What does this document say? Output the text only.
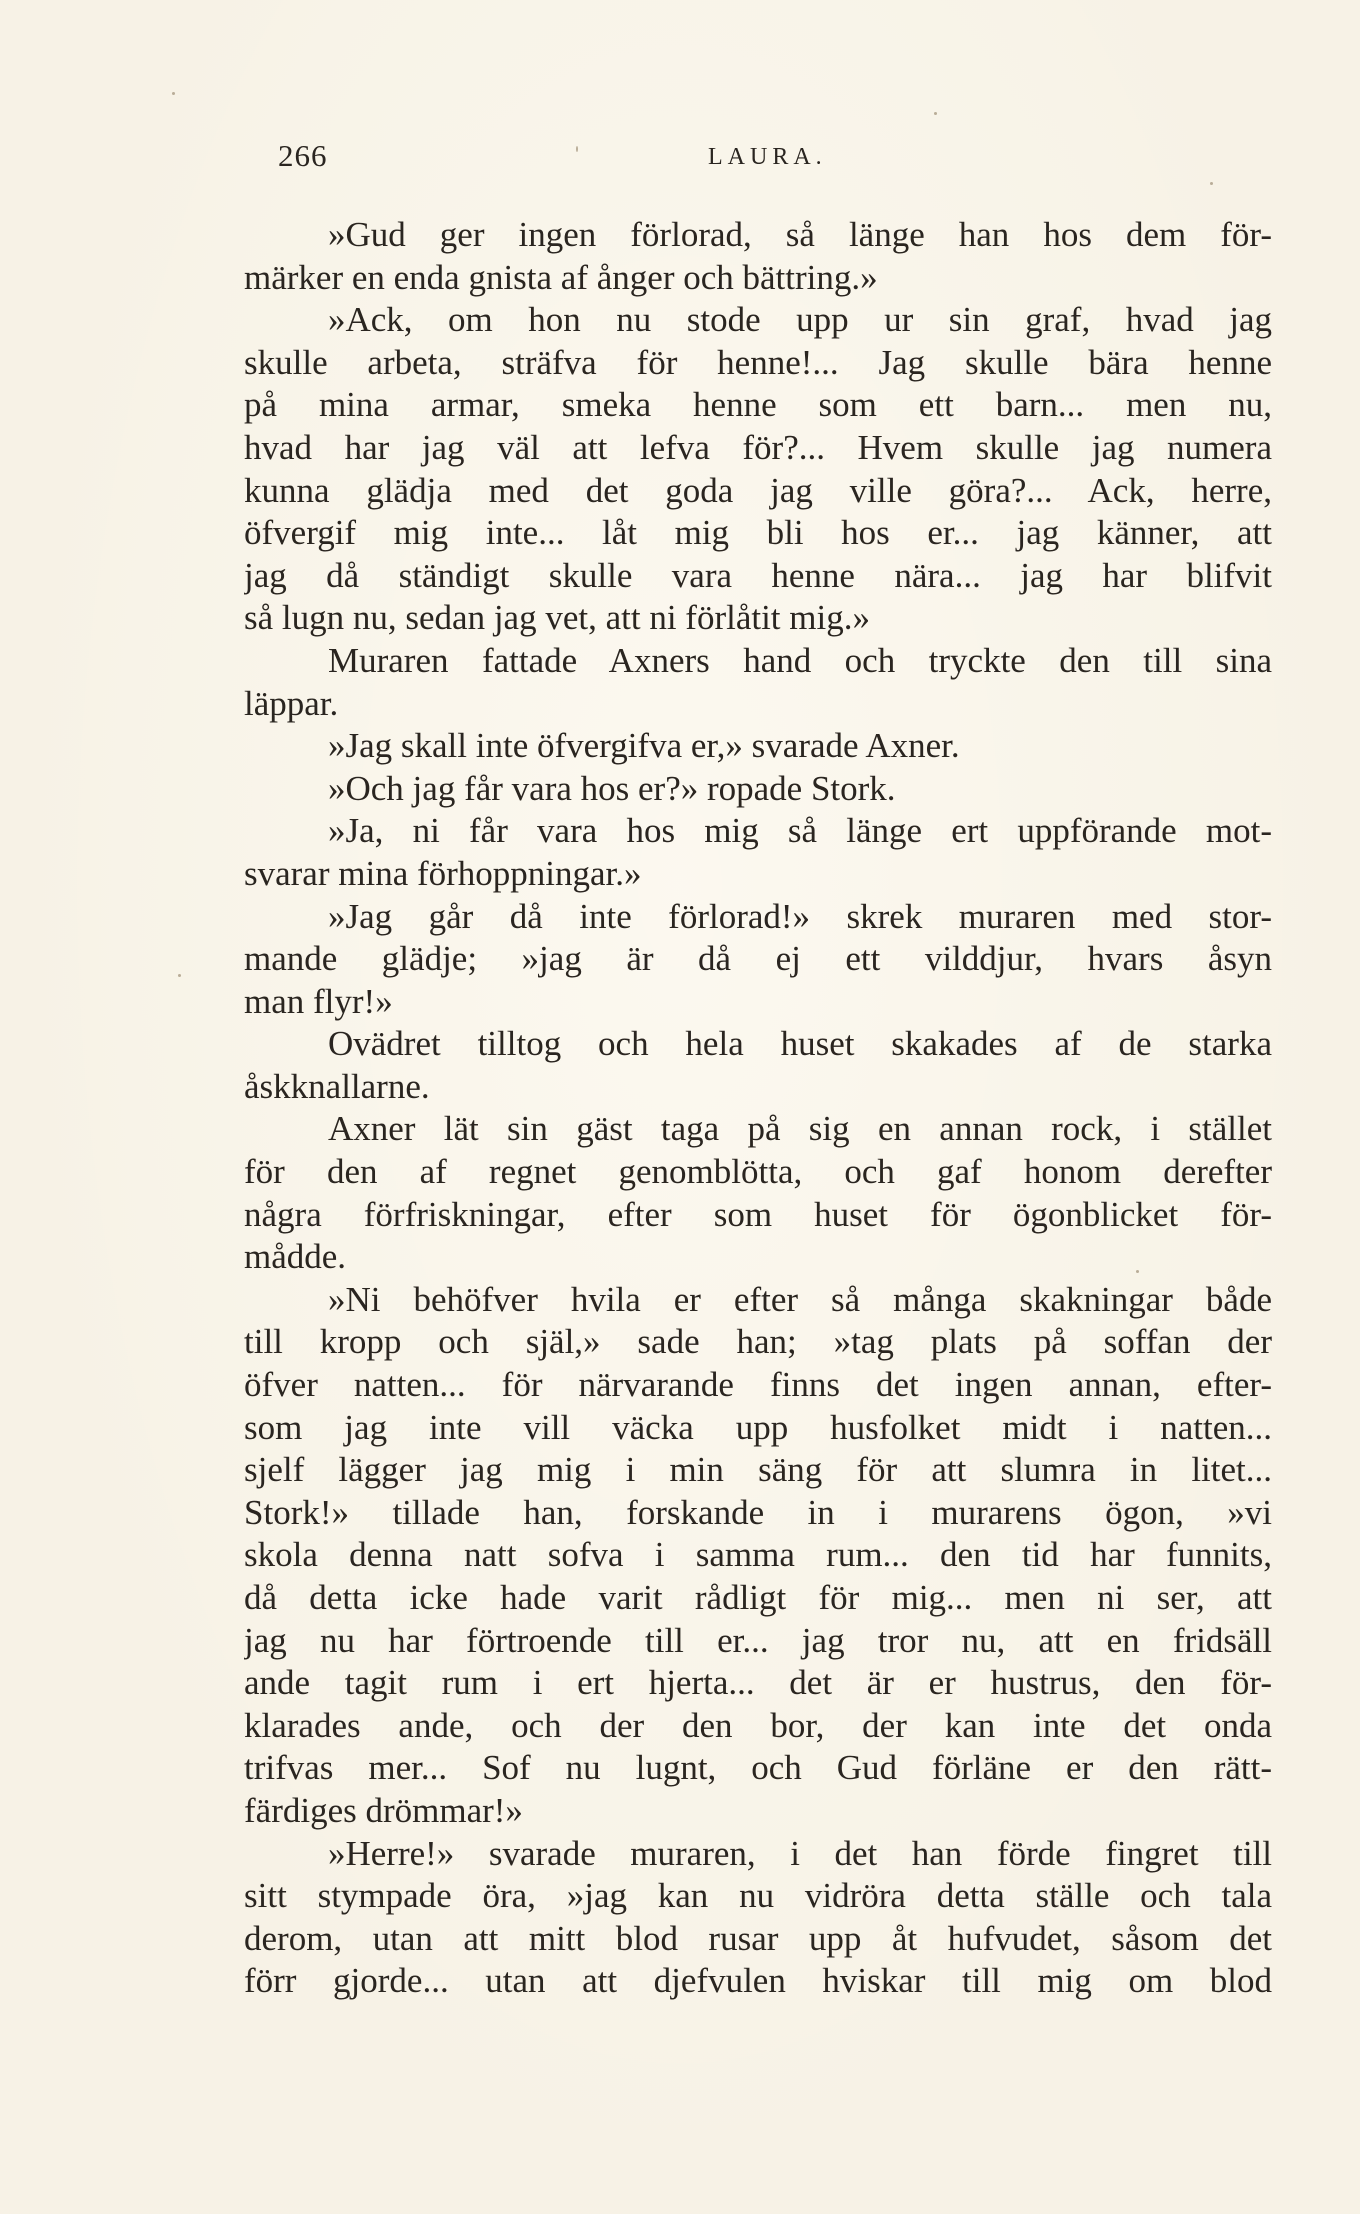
266	LAURA.
»Gud ger ingen förlorad, så länge han hos dem för-
märker en enda gnista af ånger och bättring.»
»Ack, om hon nu stode upp ur sin graf, hvad jag
skulle arbeta, sträfva för henne!... Jag skulle bära henne
på mina armar, smeka henne som ett barn... men nu,
hvad har jag väl att lefva för?... Hvem skulle jag numera
kunna glädja med det goda jag ville göra?... Ack, herre,
öfvergif mig inte... låt mig bli hos er... jag känner, att
jag då ständigt skulle vara henne nära... jag har blifvit
så lugn nu, sedan jag vet, att ni förlåtit mig.»
Muraren fattade Axners hand och tryckte den till sina
läppar.
»Jag skall inte öfvergifva er,» svarade Axner.
»Och jag får vara hos er?» ropade Stork.
»Ja, ni får vara hos mig så länge ert uppförande mot-
svarar mina förhoppningar.»
»Jag går då inte förlorad!» skrek muraren med stor-
mande glädje; »jag är då ej ett vilddjur, hvars åsyn
man flyr!»
Ovädret tilltog och hela huset skakades af de starka
åskknallarne.
Axner lät sin gäst taga på sig en annan rock, i stället
för den af regnet genomblötta, och gaf honom derefter
några förfriskningar, efter som huset för ögonblicket för-
mådde.
»Ni behöfver hvila er efter så många skakningar både
till kropp och själ,» sade han; »tag plats på soffan der
öfver natten... för närvarande finns det ingen annan, efter-
som jag inte vill väcka upp husfolket midt i natten...
sjelf lägger jag mig i min säng för att slumra in litet...
Stork!» tillade han, forskande in i murarens ögon, »vi
skola denna natt sofva i samma rum... den tid har funnits,
då detta icke hade varit rådligt för mig... men ni ser, att
jag nu har förtroende till er... jag tror nu, att en fridsäll
ande tagit rum i ert hjerta... det är er hustrus, den för-
klarades ande, och der den bor, der kan inte det onda
trifvas mer... Sof nu lugnt, och Gud förläne er den rätt-
färdiges drömmar!»
»Herre!» svarade muraren, i det han förde fingret till
sitt stympade öra, »jag kan nu vidröra detta ställe och tala
derom, utan att mitt blod rusar upp åt hufvudet, såsom det
förr gjorde... utan att djefvulen hviskar till mig om blod
